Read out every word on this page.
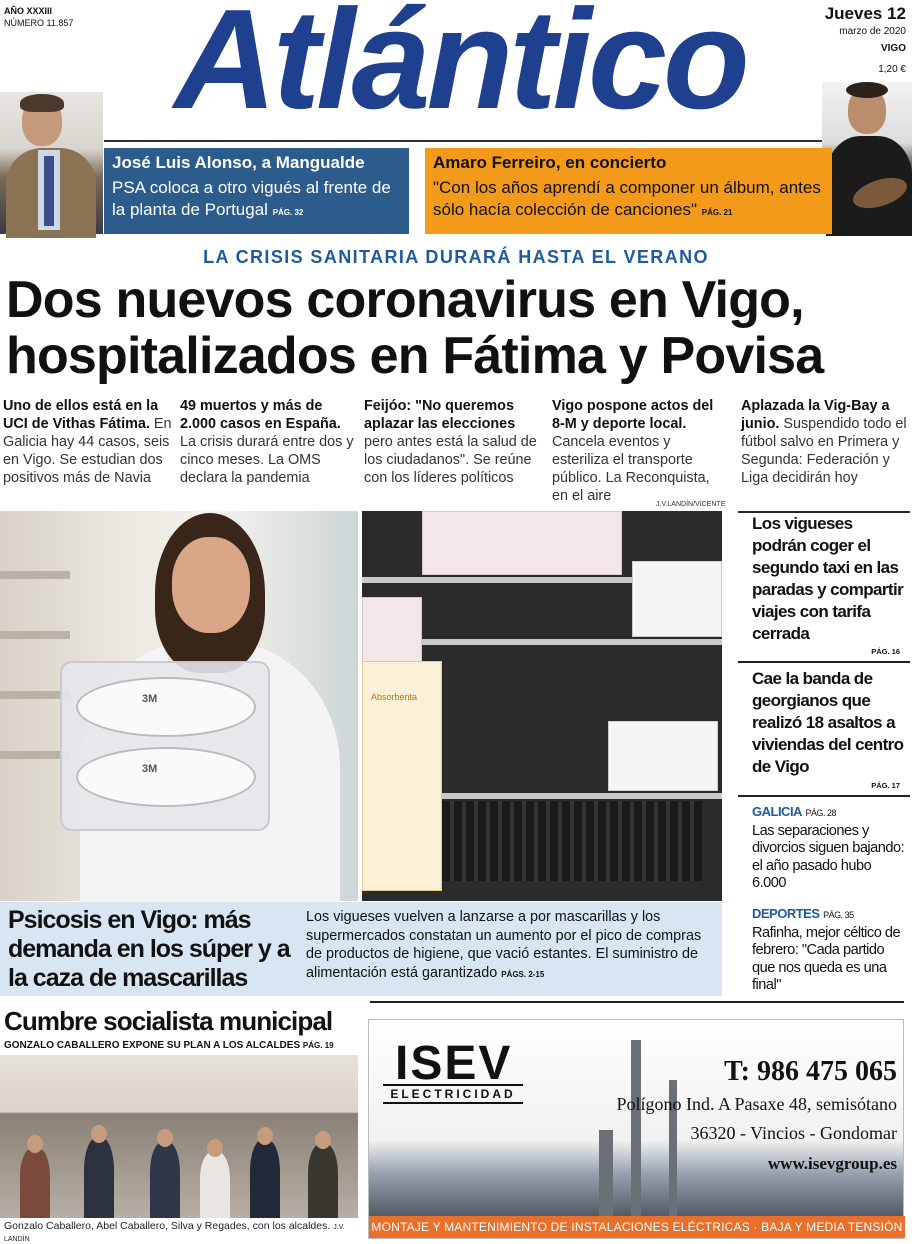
AÑO XXXIII
NÚMERO 11.857 Atlántico	Jueves 12
marzo de 2020
VIGO
1,20 €
José Luis Alonso, a Mangualde
PSA coloca a otro vigués al frente de la planta de Portugal PÁG. 32
Amaro Ferreiro, en concierto
"Con los años aprendí a componer un álbum, antes sólo hacía colección de canciones" PÁG. 21
LA CRISIS SANITARIA DURARÁ HASTA EL VERANO
Dos nuevos coronavirus en Vigo, hospitalizados en Fátima y Povisa
Uno de ellos está en la UCI de Vithas Fátima. En Galicia hay 44 casos, seis en Vigo. Se estudian dos positivos más de Navia
49 muertos y más de 2.000 casos en España. La crisis durará entre dos y cinco meses. La OMS declara la pandemia
Feijóo: "No queremos aplazar las elecciones pero antes está la salud de los ciudadanos". Se reúne con los líderes políticos
Vigo pospone actos del 8-M y deporte local. Cancela eventos y esteriliza el transporte público. La Reconquista, en el aire
Aplazada la Vig-Bay a junio. Suspendido todo el fútbol salvo en Primera y Segunda: Federación y Liga decidirán hoy
J.V.LANDÍN/VICENTE
3M
3M
Absorbenta
Psicosis en Vigo: más demanda en los súper y a la caza de mascarillas
Los vigueses vuelven a lanzarse a por mascarillas y los supermercados constatan un aumento por el pico de compras de productos de higiene, que vació estantes. El suministro de alimentación está garantizado PÁGS. 2-15
Los vigueses podrán coger el segundo taxi en las paradas y compartir viajes con tarifa cerrada
PÁG. 16
Cae la banda de georgianos que realizó 18 asaltos a viviendas del centro de Vigo
PÁG. 17
GALICIA PÁG. 28
Las separaciones y divorcios siguen bajando: el año pasado hubo 6.000
DEPORTES PÁG. 35
Rafinha, mejor céltico de febrero: "Cada partido que nos queda es una final"
Cumbre socialista municipal
GONZALO CABALLERO EXPONE SU PLAN A LOS ALCALDES PÁG. 19
Gonzalo Caballero, Abel Caballero, Silva y Regades, con los alcaldes. J.V. LANDÍN
ISEV
ELECTRICIDAD
T: 986 475 065
Polígono Ind. A Pasaxe 48, semisótano
36320 - Vincios - Gondomar
www.isevgroup.es
MONTAJE Y MANTENIMIENTO DE INSTALACIONES ELÉCTRICAS · BAJA Y MEDIA TENSIÓN
